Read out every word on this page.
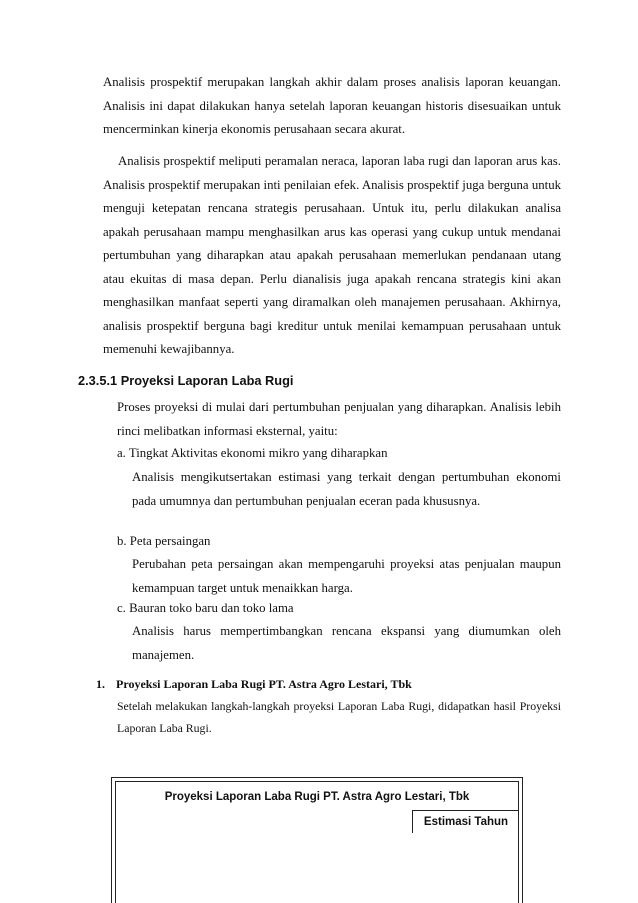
Analisis prospektif merupakan langkah akhir dalam proses analisis laporan keuangan. Analisis ini dapat dilakukan hanya setelah laporan keuangan historis disesuaikan untuk mencerminkan kinerja ekonomis perusahaan secara akurat.

Analisis prospektif meliputi peramalan neraca, laporan laba rugi dan laporan arus kas. Analisis prospektif merupakan inti penilaian efek. Analisis prospektif juga berguna untuk menguji ketepatan rencana strategis perusahaan. Untuk itu, perlu dilakukan analisa apakah perusahaan mampu menghasilkan arus kas operasi yang cukup untuk mendanai pertumbuhan yang diharapkan atau apakah perusahaan memerlukan pendanaan utang atau ekuitas di masa depan. Perlu dianalisis juga apakah rencana strategis kini akan menghasilkan manfaat seperti yang diramalkan oleh manajemen perusahaan. Akhirnya, analisis prospektif berguna bagi kreditur untuk menilai kemampuan perusahaan untuk memenuhi kewajibannya.

2.3.5.1 Proyeksi Laporan Laba Rugi

Proses proyeksi di mulai dari pertumbuhan penjualan yang diharapkan. Analisis lebih rinci melibatkan informasi eksternal, yaitu:

a. Tingkat Aktivitas ekonomi mikro yang diharapkan

Analisis mengikutsertakan estimasi yang terkait dengan pertumbuhan ekonomi pada umumnya dan pertumbuhan penjualan eceran pada khususnya.

b. Peta persaingan

Perubahan peta persaingan akan mempengaruhi proyeksi atas penjualan maupun kemampuan target untuk menaikkan harga.

c. Bauran toko baru dan toko lama

Analisis harus mempertimbangkan rencana ekspansi yang diumumkan oleh manajemen.

1. Proyeksi Laporan Laba Rugi PT. Astra Agro Lestari, Tbk

Setelah melakukan langkah-langkah proyeksi Laporan Laba Rugi, didapatkan hasil Proyeksi Laporan Laba Rugi.

Proyeksi Laporan Laba Rugi PT. Astra Agro Lestari, Tbk
Estimasi Tahun
